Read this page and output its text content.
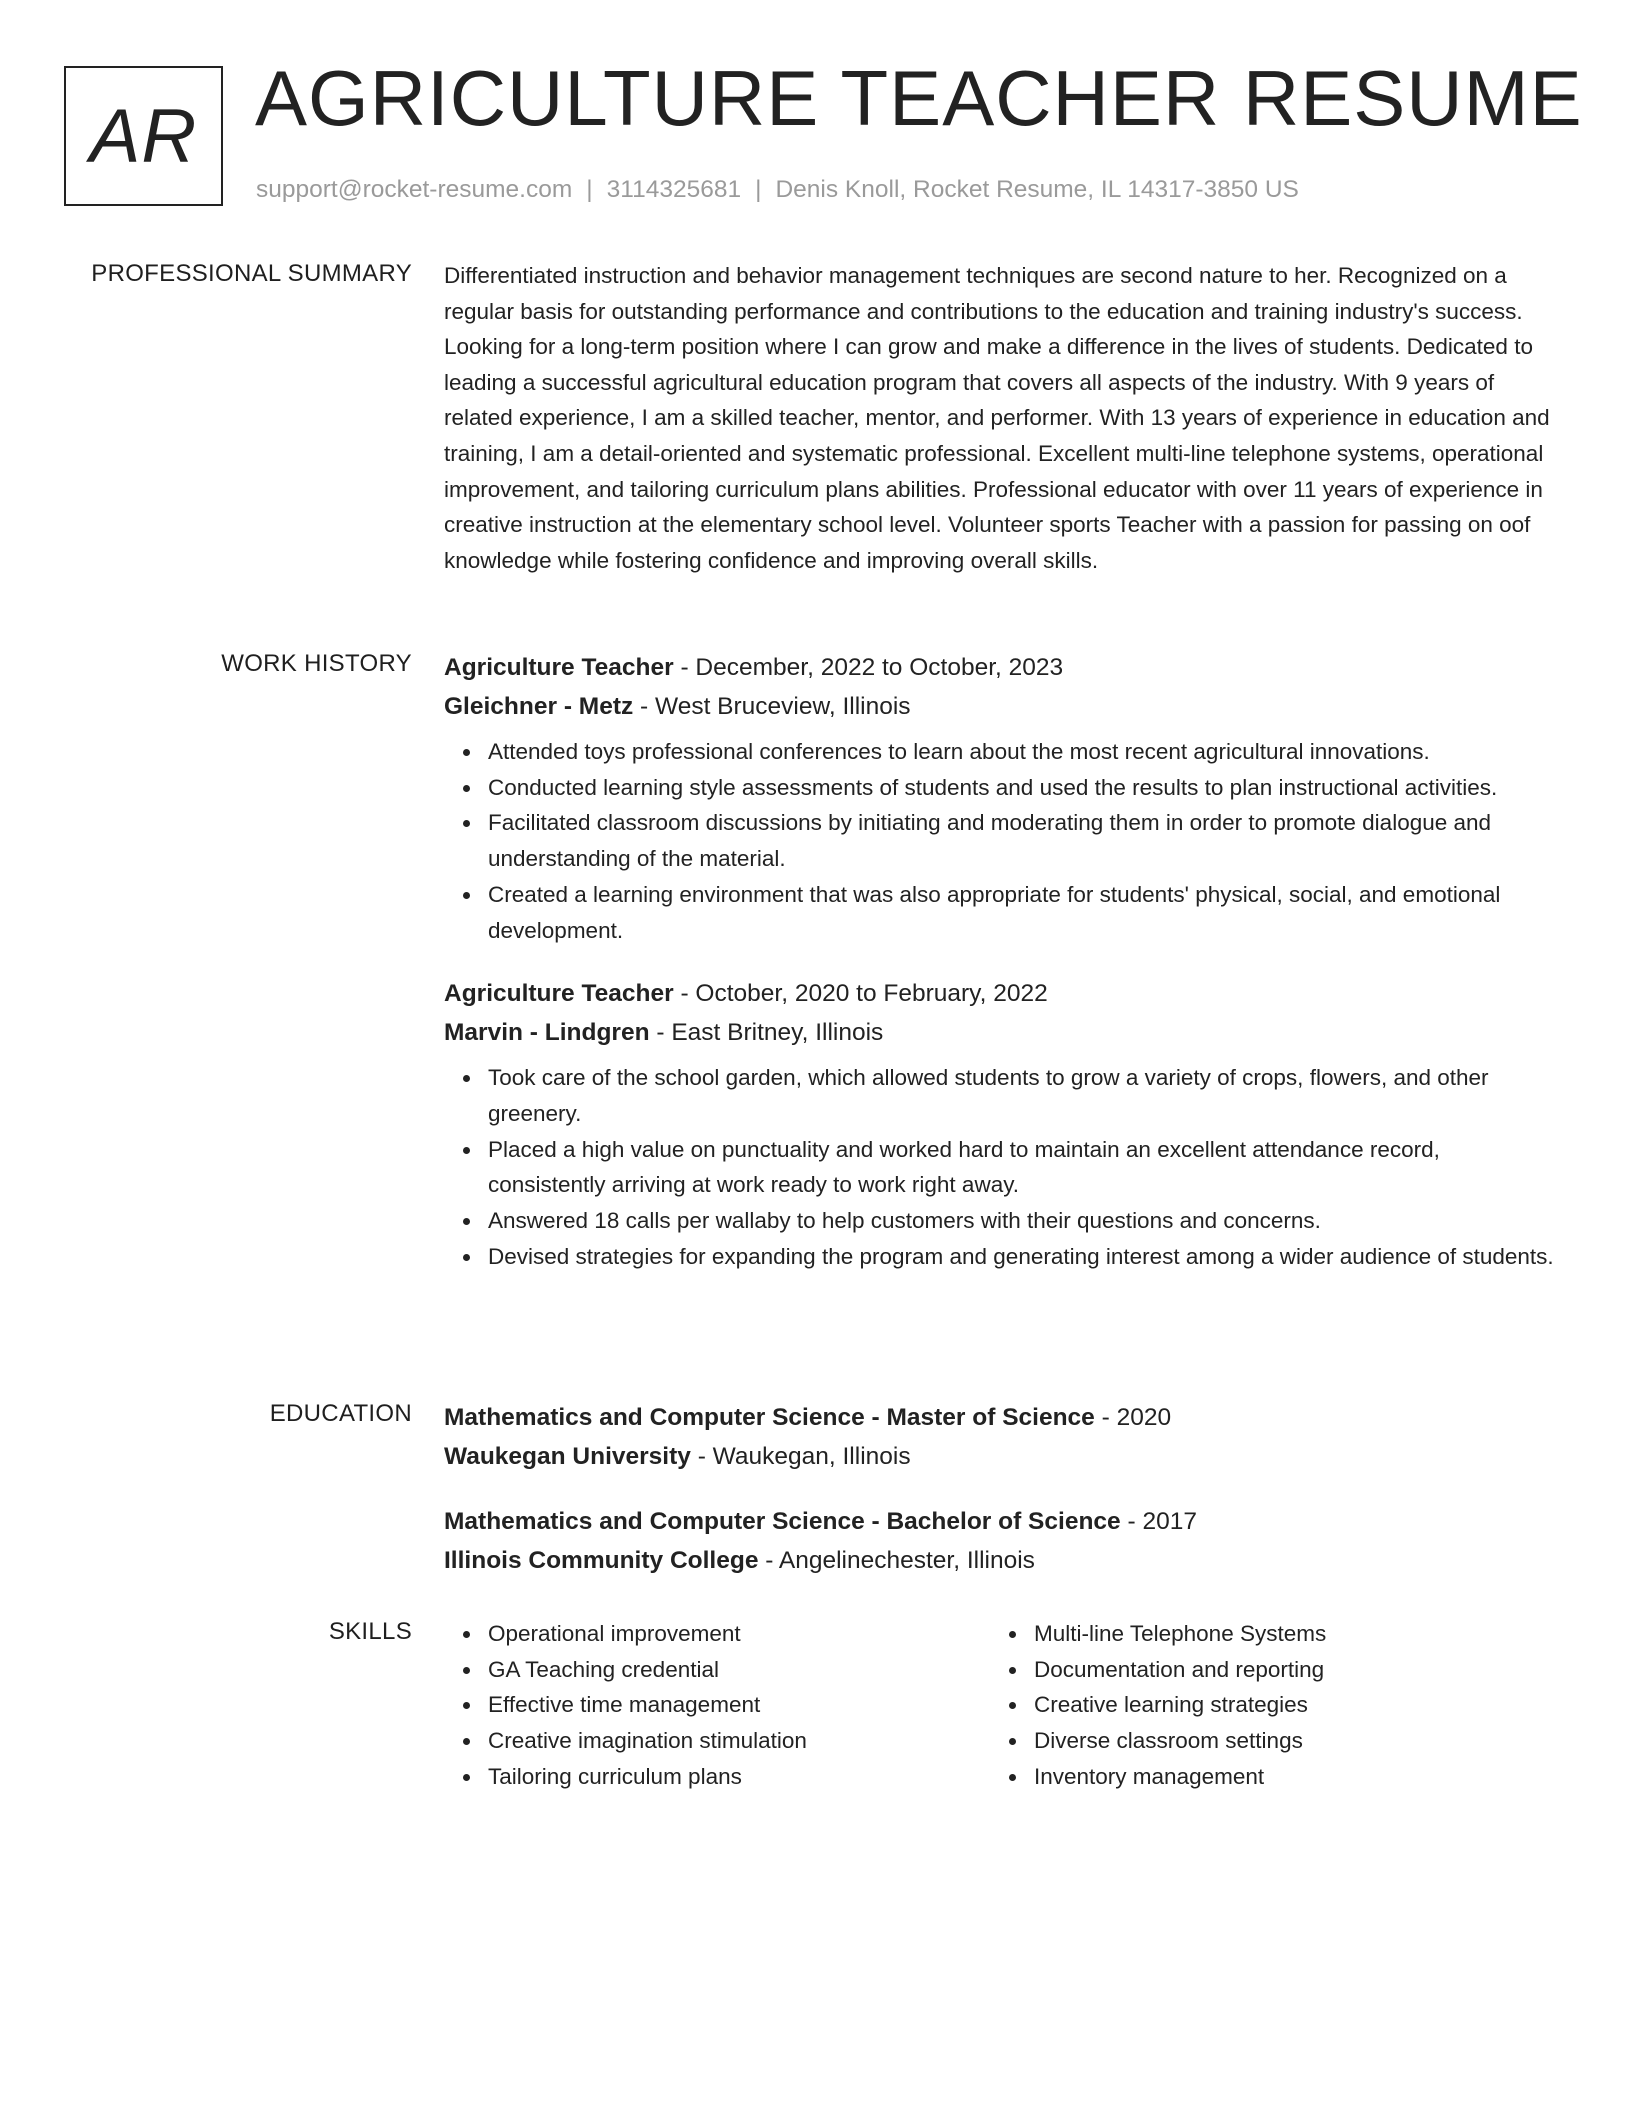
AR AGRICULTURE TEACHER RESUME
support@rocket-resume.com | 3114325681 | Denis Knoll, Rocket Resume, IL 14317-3850 US
PROFESSIONAL SUMMARY Differentiated instruction and behavior management techniques are second nature to her. Recognized on a regular basis for outstanding performance and contributions to the education and training industry's success. Looking for a long-term position where I can grow and make a difference in the lives of students. Dedicated to leading a successful agricultural education program that covers all aspects of the industry. With 9 years of related experience, I am a skilled teacher, mentor, and performer. With 13 years of experience in education and training, I am a detail-oriented and systematic professional. Excellent multi-line telephone systems, operational improvement, and tailoring curriculum plans abilities. Professional educator with over 11 years of experience in creative instruction at the elementary school level. Volunteer sports Teacher with a passion for passing on oof knowledge while fostering confidence and improving overall skills.

WORK HISTORY Agriculture Teacher - December, 2022 to October, 2023
Gleichner - Metz - West Bruceview, Illinois
Attended toys professional conferences to learn about the most recent agricultural innovations.
Conducted learning style assessments of students and used the results to plan instructional activities.
Facilitated classroom discussions by initiating and moderating them in order to promote dialogue and understanding of the material.
Created a learning environment that was also appropriate for students' physical, social, and emotional development.
Agriculture Teacher - October, 2020 to February, 2022
Marvin - Lindgren - East Britney, Illinois
Took care of the school garden, which allowed students to grow a variety of crops, flowers, and other greenery.
Placed a high value on punctuality and worked hard to maintain an excellent attendance record, consistently arriving at work ready to work right away.
Answered 18 calls per wallaby to help customers with their questions and concerns.
Devised strategies for expanding the program and generating interest among a wider audience of students.
EDUCATION Mathematics and Computer Science - Master of Science - 2020
Waukegan University - Waukegan, Illinois
Mathematics and Computer Science - Bachelor of Science - 2017
Illinois Community College - Angelinechester, Illinois
SKILLS	Operational improvement
GA Teaching credential
Effective time management
Creative imagination stimulation
Tailoring curriculum plans
Multi-line Telephone Systems
Documentation and reporting
Creative learning strategies
Diverse classroom settings
Inventory management
